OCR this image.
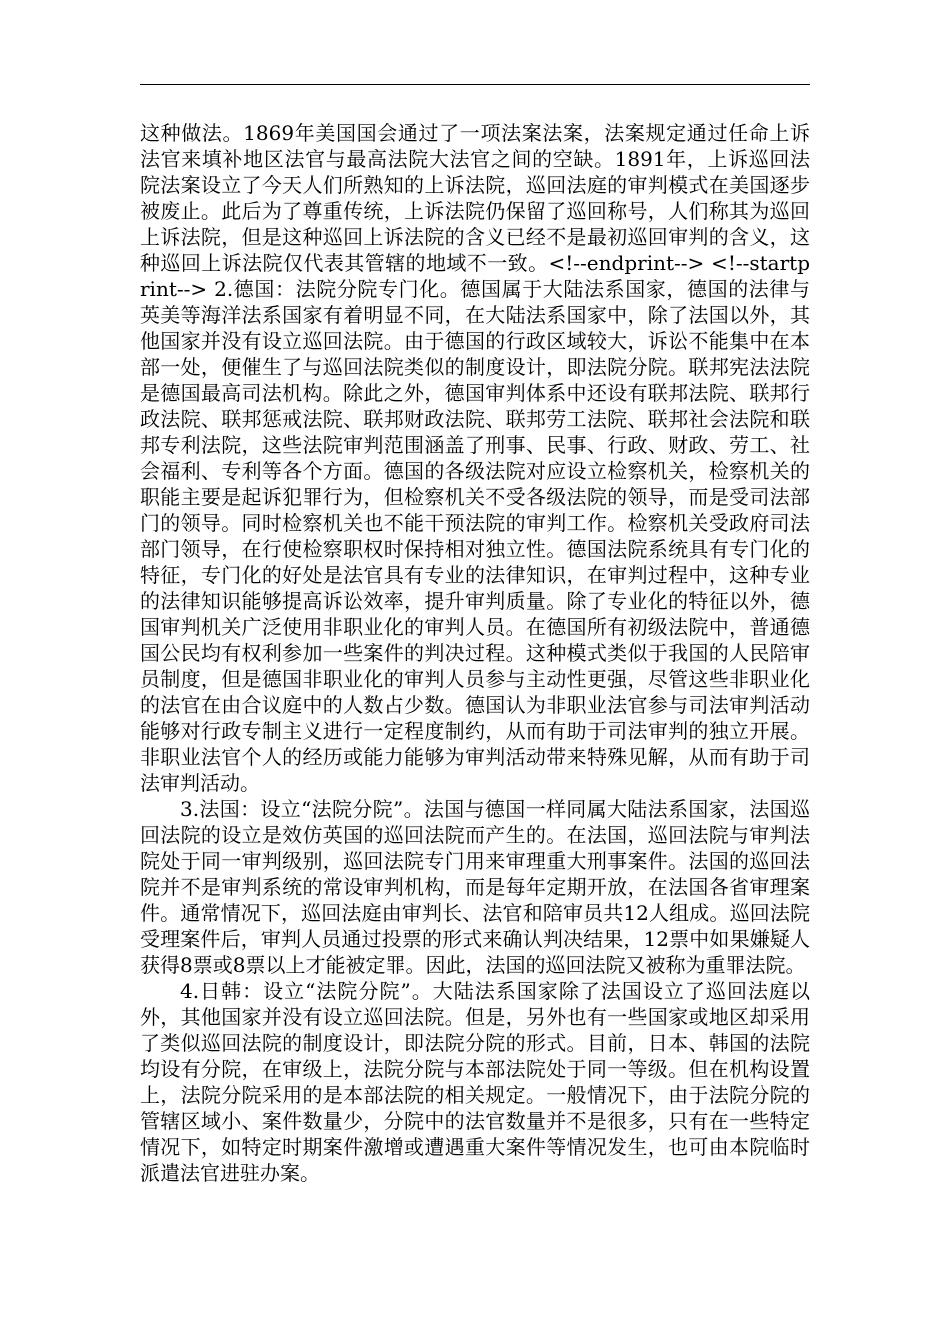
这种做法。1869年美国国会通过了一项法案法案，法案规定通过任命上诉法官来填补地区法官与最高法院大法官之间的空缺。1891年，上诉巡回法院法案设立了今天人们所熟知的上诉法院，巡回法庭的审判模式在美国逐步被废止。此后为了尊重传统，上诉法院仍保留了巡回称号，人们称其为巡回上诉法院，但是这种巡回上诉法院的含义已经不是最初巡回审判的含义，这种巡回上诉法院仅代表其管辖的地域不一致。<!--endprint--> <!--startprint--> 2.德国：法院分院专门化。德国属于大陆法系国家，德国的法律与英美等海洋法系国家有着明显不同，在大陆法系国家中，除了法国以外，其他国家并没有设立巡回法院。由于德国的行政区域较大，诉讼不能集中在本部一处，便催生了与巡回法院类似的制度设计，即法院分院。联邦宪法法院是德国最高司法机构。除此之外，德国审判体系中还设有联邦法院、联邦行政法院、联邦惩戒法院、联邦财政法院、联邦劳工法院、联邦社会法院和联邦专利法院，这些法院审判范围涵盖了刑事、民事、行政、财政、劳工、社会福利、专利等各个方面。德国的各级法院对应设立检察机关，检察机关的职能主要是起诉犯罪行为，但检察机关不受各级法院的领导，而是受司法部门的领导。同时检察机关也不能干预法院的审判工作。检察机关受政府司法部门领导，在行使检察职权时保持相对独立性。德国法院系统具有专门化的特征，专门化的好处是法官具有专业的法律知识，在审判过程中，这种专业的法律知识能够提高诉讼效率，提升审判质量。除了专业化的特征以外，德国审判机关广泛使用非职业化的审判人员。在德国所有初级法院中，普通德国公民均有权利参加一些案件的判决过程。这种模式类似于我国的人民陪审员制度，但是德国非职业化的审判人员参与主动性更强，尽管这些非职业化的法官在由合议庭中的人数占少数。德国认为非职业法官参与司法审判活动能够对行政专制主义进行一定程度制约，从而有助于司法审判的独立开展。非职业法官个人的经历或能力能够为审判活动带来特殊见解，从而有助于司法审判活动。

3.法国：设立“法院分院”。法国与德国一样同属大陆法系国家，法国巡回法院的设立是效仿英国的巡回法院而产生的。在法国，巡回法院与审判法院处于同一审判级别，巡回法院专门用来审理重大刑事案件。法国的巡回法院并不是审判系统的常设审判机构，而是每年定期开放，在法国各省审理案件。通常情况下，巡回法庭由审判长、法官和陪审员共12人组成。巡回法院受理案件后，审判人员通过投票的形式来确认判决结果，12票中如果嫌疑人获得8票或8票以上才能被定罪。因此，法国的巡回法院又被称为重罪法院。

4.日韩：设立“法院分院”。大陆法系国家除了法国设立了巡回法庭以外，其他国家并没有设立巡回法院。但是，另外也有一些国家或地区却采用了类似巡回法院的制度设计，即法院分院的形式。目前，日本、韩国的法院均设有分院，在审级上，法院分院与本部法院处于同一等级。但在机构设置上，法院分院采用的是本部法院的相关规定。一般情况下，由于法院分院的管辖区域小、案件数量少，分院中的法官数量并不是很多，只有在一些特定情况下，如特定时期案件激增或遭遇重大案件等情况发生，也可由本院临时派遣法官进驻办案。
